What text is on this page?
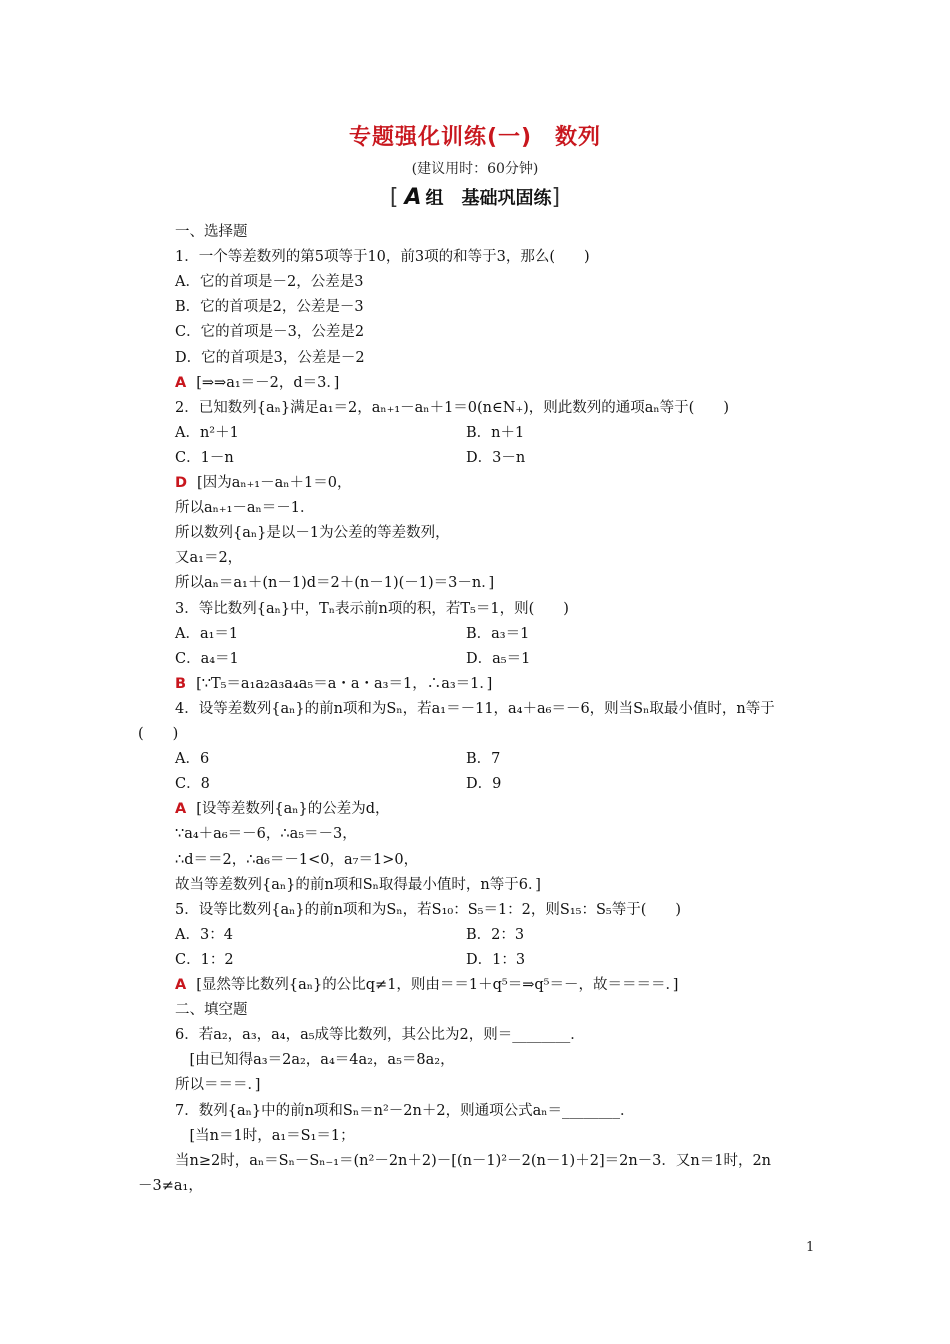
专题强化训练(一)　数列
(建议用时：60分钟)
[ A 组　基础巩固练]
一、选择题
1．一个等差数列的第5项等于10，前3项的和等于3，那么(　　)
A．它的首项是－2，公差是3
B．它的首项是2，公差是－3
C．它的首项是－3，公差是2
D．它的首项是3，公差是－2
A [⇒⇒a₁＝－2，d＝3．]
2．已知数列{aₙ}满足a₁＝2，aₙ₊₁－aₙ＋1＝0(n∈N₊)，则此数列的通项aₙ等于(　　)
A．n²＋1	B．n＋1
C．1－n	D．3－n
D [因为aₙ₊₁－aₙ＋1＝0，
所以aₙ₊₁－aₙ＝－1．
所以数列{aₙ}是以－1为公差的等差数列，
又a₁＝2，
所以aₙ＝a₁＋(n－1)d＝2＋(n－1)(－1)＝3－n．]
3．等比数列{aₙ}中，Tₙ表示前n项的积，若T₅＝1，则(　　)
A．a₁＝1	B．a₃＝1
C．a₄＝1	D．a₅＝1
B [∵T₅＝a₁a₂a₃a₄a₅＝a・a・a₃＝1，∴a₃＝1．]
4．设等差数列{aₙ}的前n项和为Sₙ，若a₁＝－11，a₄＋a₆＝－6，则当Sₙ取最小值时，n等于
(　　)
A．6	B．7
C．8	D．9
A [设等差数列{aₙ}的公差为d，
∵a₄＋a₆＝－6，∴a₅＝－3，
∴d＝＝2，∴a₆＝－1<0，a₇＝1>0，
故当等差数列{aₙ}的前n项和Sₙ取得最小值时，n等于6．]
5．设等比数列{aₙ}的前n项和为Sₙ，若S₁₀：S₅＝1：2，则S₁₅：S₅等于(　　)
A．3：4	B．2：3
C．1：2	D．1：3
A [显然等比数列{aₙ}的公比q≠1，则由＝＝1＋q⁵＝⇒q⁵＝－，故＝＝＝＝．]
二、填空题
6．若a₂，a₃，a₄，a₅成等比数列，其公比为2，则＝________．
　[由已知得a₃＝2a₂，a₄＝4a₂，a₅＝8a₂，
所以＝＝＝．]
7．数列{aₙ}中的前n项和Sₙ＝n²－2n＋2，则通项公式aₙ＝________．
　[当n＝1时，a₁＝S₁＝1；
当n≥2时，aₙ＝Sₙ－Sₙ₋₁＝(n²－2n＋2)－[(n－1)²－2(n－1)＋2]＝2n－3．又n＝1时，2n
－3≠a₁，
1
